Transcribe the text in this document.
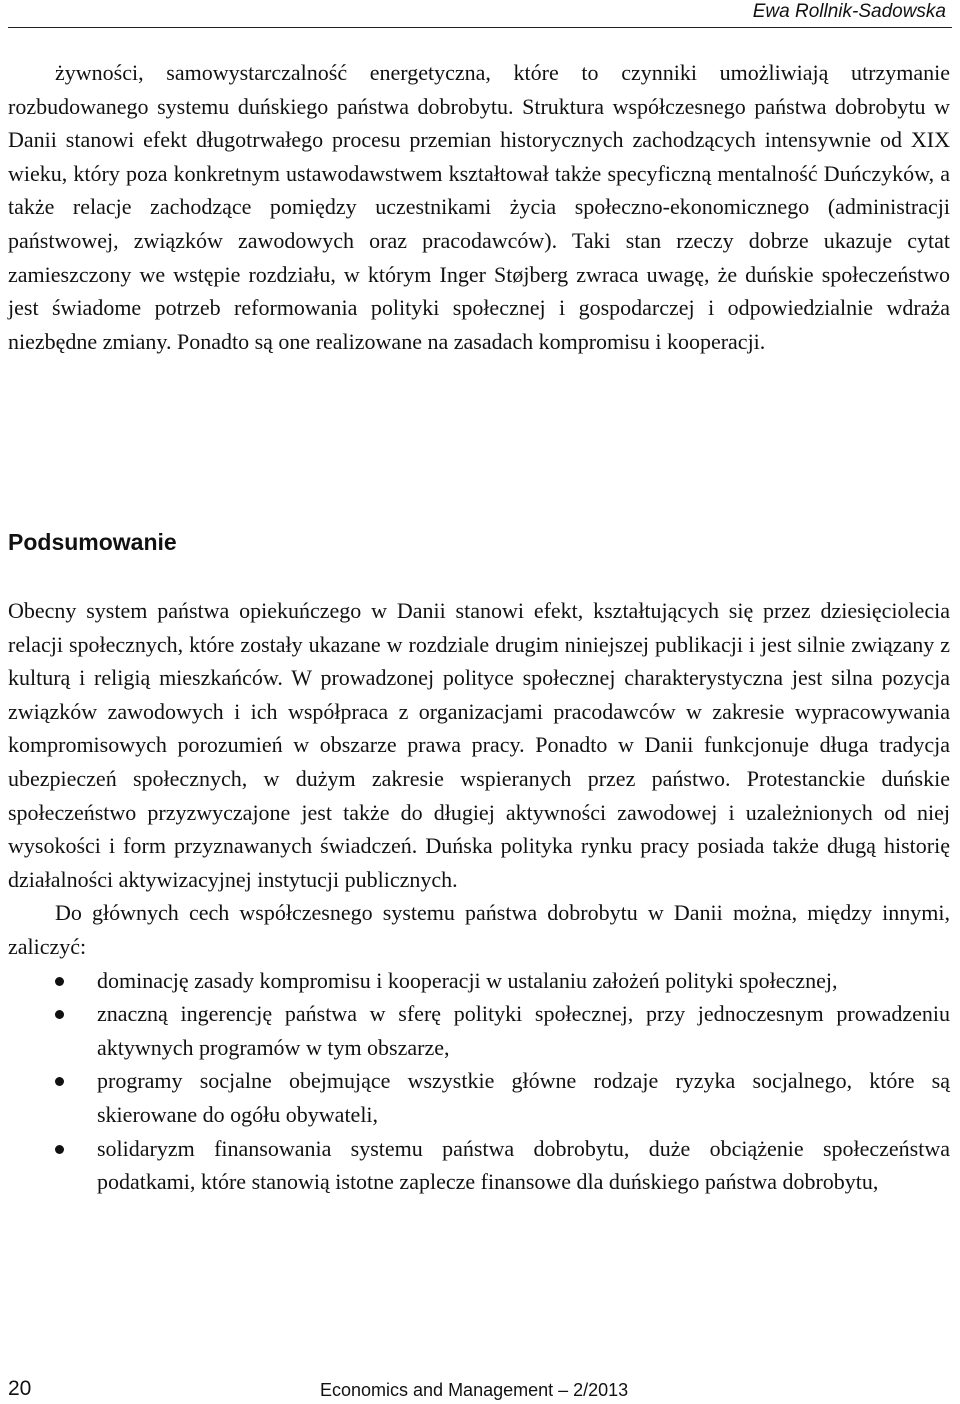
Ewa Rollnik-Sadowska

żywności, samowystarczalność energetyczna, które to czynniki umożliwiają utrzymanie rozbudowanego systemu duńskiego państwa dobrobytu. Struktura współczesnego państwa dobrobytu w Danii stanowi efekt długotrwałego procesu przemian historycznych zachodzących intensywnie od XIX wieku, który poza konkretnym ustawodawstwem kształtował także specyficzną mentalność Duńczyków, a także relacje zachodzące pomiędzy uczestnikami życia społeczno-ekonomicznego (administracji państwowej, związków zawodowych oraz pracodawców). Taki stan rzeczy dobrze ukazuje cytat zamieszczony we wstępie rozdziału, w którym Inger Støjberg zwraca uwagę, że duńskie społeczeństwo jest świadome potrzeb reformowania polityki społecznej i gospodarczej i odpowiedzialnie wdraża niezbędne zmiany. Ponadto są one realizowane na zasadach kompromisu i kooperacji.

Podsumowanie

Obecny system państwa opiekuńczego w Danii stanowi efekt, kształtujących się przez dziesięciolecia relacji społecznych, które zostały ukazane w rozdziale drugim niniejszej publikacji i jest silnie związany z kulturą i religią mieszkańców. W prowadzonej polityce społecznej charakterystyczna jest silna pozycja związków zawodowych i ich współpraca z organizacjami pracodawców w zakresie wypracowywania kompromisowych porozumień w obszarze prawa pracy. Ponadto w Danii funkcjonuje długa tradycja ubezpieczeń społecznych, w dużym zakresie wspieranych przez państwo. Protestanckie duńskie społeczeństwo przyzwyczajone jest także do długiej aktywności zawodowej i uzależnionych od niej wysokości i form przyznawanych świadczeń. Duńska polityka rynku pracy posiada także długą historię działalności aktywizacyjnej instytucji publicznych.

Do głównych cech współczesnego systemu państwa dobrobytu w Danii można, między innymi, zaliczyć:

dominację zasady kompromisu i kooperacji w ustalaniu założeń polityki społecznej,
znaczną ingerencję państwa w sferę polityki społecznej, przy jednoczesnym prowadzeniu aktywnych programów w tym obszarze,
programy socjalne obejmujące wszystkie główne rodzaje ryzyka socjalnego, które są skierowane do ogółu obywateli,
solidaryzm finansowania systemu państwa dobrobytu, duże obciążenie społeczeństwa podatkami, które stanowią istotne zaplecze finansowe dla duńskiego państwa dobrobytu,
20	Economics and Management – 2/2013
